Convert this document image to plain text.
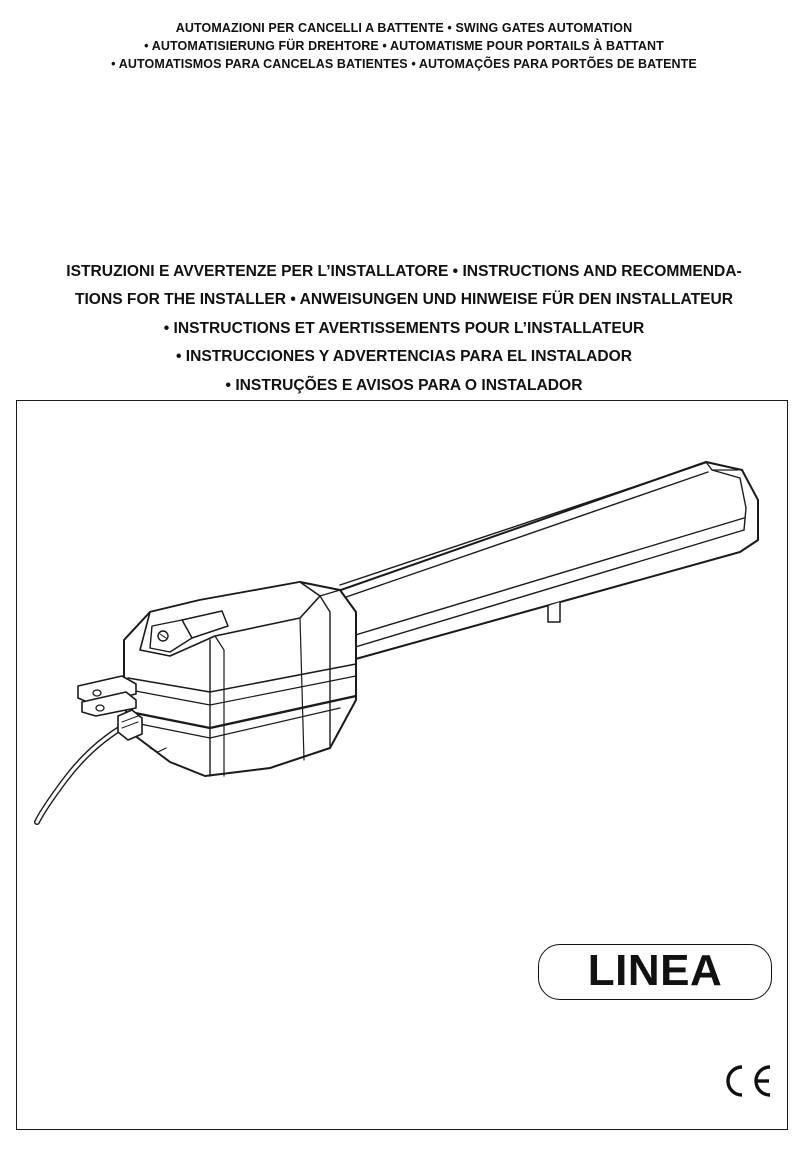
AUTOMAZIONI PER CANCELLI A BATTENTE • SWING GATES AUTOMATION
• AUTOMATISIERUNG FÜR DREHTORE • AUTOMATISME POUR PORTAILS À BATTANT
• AUTOMATISMOS PARA CANCELAS BATIENTES • AUTOMAÇÕES PARA PORTÕES DE BATENTE
ISTRUZIONI E AVVERTENZE PER L’INSTALLATORE • INSTRUCTIONS AND RECOMMENDA-
TIONS FOR THE INSTALLER • ANWEISUNGEN UND HINWEISE FÜR DEN INSTALLATEUR
• INSTRUCTIONS ET AVERTISSEMENTS POUR L’INSTALLATEUR
• INSTRUCCIONES Y ADVERTENCIAS PARA EL INSTALADOR
• INSTRUÇÕES E AVISOS PARA O INSTALADOR
LINEA
